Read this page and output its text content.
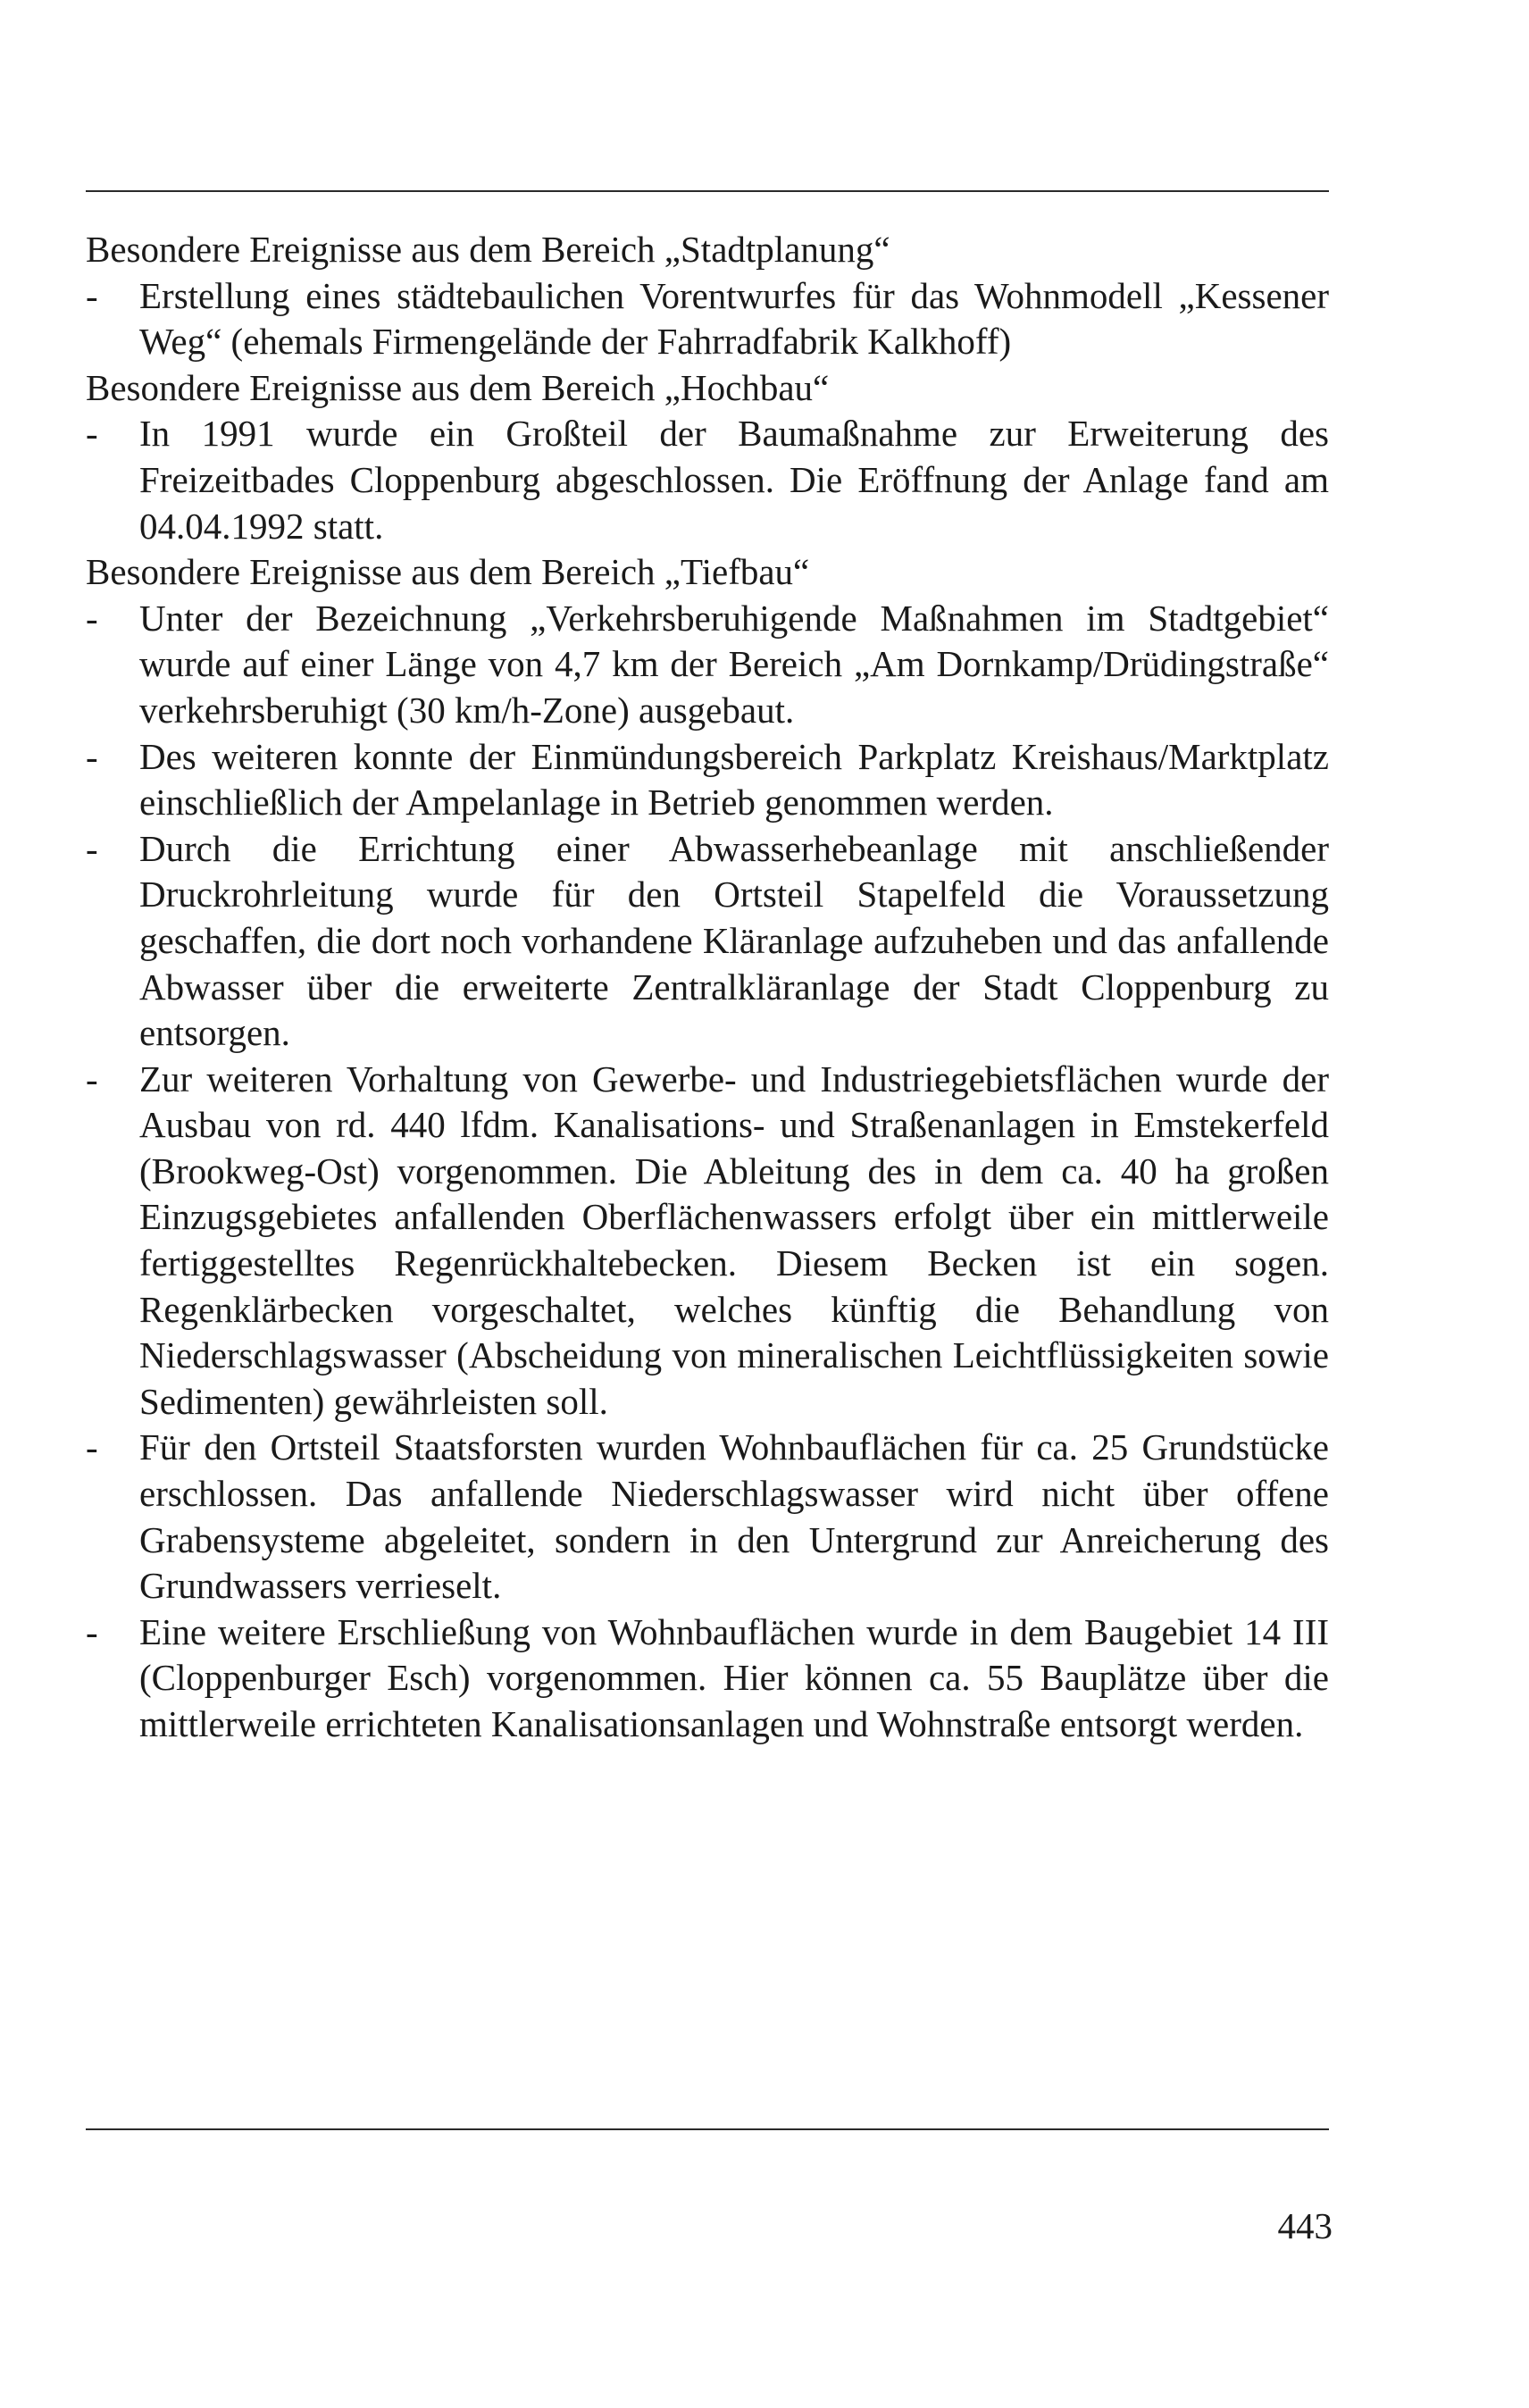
Besondere Ereignisse aus dem Bereich „Stadtplanung“

- Erstellung eines städtebaulichen Vorentwurfes für das Wohnmodell „Kessener Weg“ (ehemals Firmengelände der Fahrradfabrik Kalkhoff)

Besondere Ereignisse aus dem Bereich „Hochbau“

- In 1991 wurde ein Großteil der Baumaßnahme zur Erweiterung des Freizeitbades Cloppenburg abgeschlossen. Die Eröffnung der Anlage fand am 04.04.1992 statt.

Besondere Ereignisse aus dem Bereich „Tiefbau“

- Unter der Bezeichnung „Verkehrsberuhigende Maßnahmen im Stadtgebiet“ wurde auf einer Länge von 4,7 km der Bereich „Am Dornkamp/Drüdingstraße“ verkehrsberuhigt (30 km/h-Zone) ausgebaut.

- Des weiteren konnte der Einmündungsbereich Parkplatz Kreishaus/Marktplatz einschließlich der Ampelanlage in Betrieb genommen werden.

- Durch die Errichtung einer Abwasserhebeanlage mit anschließender Druckrohrleitung wurde für den Ortsteil Stapelfeld die Voraussetzung geschaffen, die dort noch vorhandene Kläranlage aufzuheben und das anfallende Abwasser über die erweiterte Zentralkläranlage der Stadt Cloppenburg zu entsorgen.

- Zur weiteren Vorhaltung von Gewerbe- und Industriegebietsflächen wurde der Ausbau von rd. 440 lfdm. Kanalisations- und Straßenanlagen in Emstekerfeld (Brookweg-Ost) vorgenommen. Die Ableitung des in dem ca. 40 ha großen Einzugsgebietes anfallenden Oberflächenwassers erfolgt über ein mittlerweile fertiggestelltes Regenrückhaltebecken. Diesem Becken ist ein sogen. Regenklärbecken vorgeschaltet, welches künftig die Behandlung von Niederschlagswasser (Abscheidung von mineralischen Leichtflüssigkeiten sowie Sedimenten) gewährleisten soll.

- Für den Ortsteil Staatsforsten wurden Wohnbauflächen für ca. 25 Grundstücke erschlossen. Das anfallende Niederschlagswasser wird nicht über offene Grabensysteme abgeleitet, sondern in den Untergrund zur Anreicherung des Grundwassers verrieselt.

- Eine weitere Erschließung von Wohnbauflächen wurde in dem Baugebiet 14 III (Cloppenburger Esch) vorgenommen. Hier können ca. 55 Bauplätze über die mittlerweile errichteten Kanalisationsanlagen und Wohnstraße entsorgt werden.

443
